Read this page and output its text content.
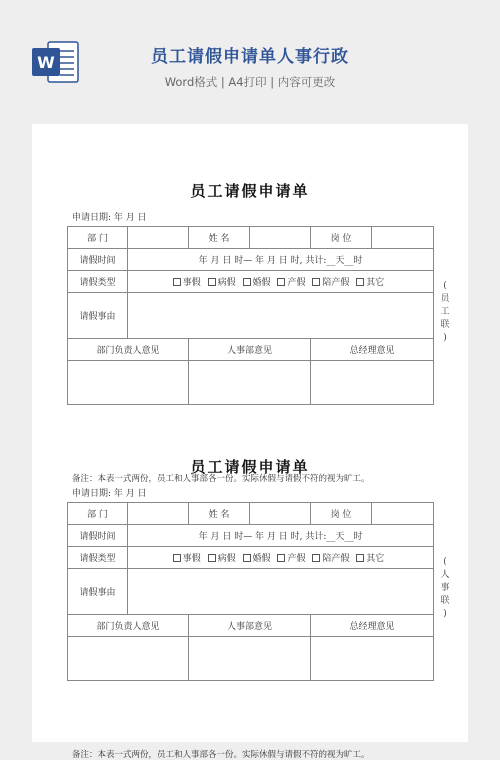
W	员工请假申请单人事行政
Word格式 | A4打印 | 内容可更改
员工请假申请单
申请日期: 年 月 日
部 门		姓 名		岗 位	
请假时间	年 月 日 时— 年 月 日 时, 共计:__天__时				
请假类型	事假 病假 婚假 产假 陪产假 其它				
请假事由					
部门负责人意见		人事部意见		总经理意见	

备注：本表一式两份，员工和人事部各一份。实际休假与请假不符的视为旷工。
(
员
工
联
)
员工请假申请单
申请日期: 年 月 日
部 门		姓 名		岗 位	
请假时间	年 月 日 时— 年 月 日 时, 共计:__天__时				
请假类型	事假 病假 婚假 产假 陪产假 其它				
请假事由					
部门负责人意见		人事部意见		总经理意见	

备注：本表一式两份，员工和人事部各一份。实际休假与请假不符的视为旷工。
(
人
事
联
)
